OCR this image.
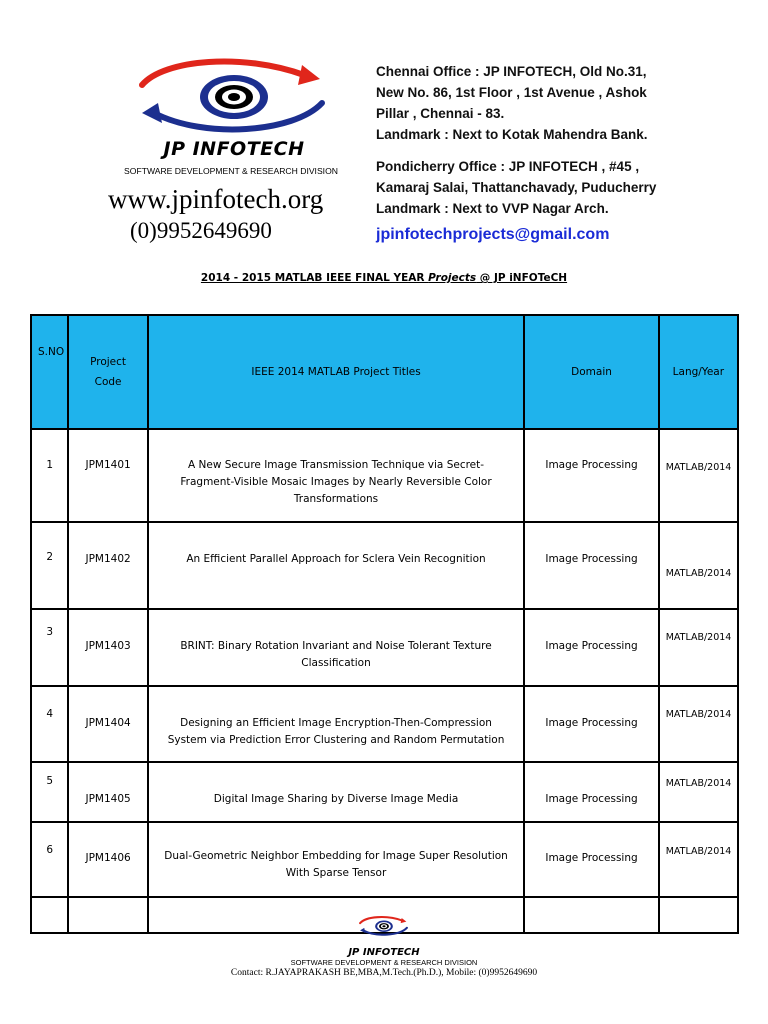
JP INFOTECH
SOFTWARE DEVELOPMENT & RESEARCH DIVISION
www.jpinfotech.org
(0)9952649690
Chennai Office : JP INFOTECH, Old No.31,
New No. 86, 1st Floor , 1st Avenue , Ashok
Pillar , Chennai - 83.
Landmark : Next to Kotak Mahendra Bank.
Pondicherry Office : JP INFOTECH , #45 ,
Kamaraj Salai, Thattanchavady, Puducherry
Landmark : Next to VVP Nagar Arch.
jpinfotechprojects@gmail.com
2014 - 2015 MATLAB IEEE FINAL YEAR Projects @ JP iNFOTeCH
S.NO	Project
Code	IEEE 2014 MATLAB Project Titles	Domain	Lang/Year
1	JPM1401	A New Secure Image Transmission Technique via Secret-
Fragment-Visible Mosaic Images by Nearly Reversible Color
Transformations	Image Processing	MATLAB/2014
2	JPM1402	An Efficient Parallel Approach for Sclera Vein Recognition	Image Processing	MATLAB/2014
3	JPM1403	BRINT: Binary Rotation Invariant and Noise Tolerant Texture
Classification	Image Processing	MATLAB/2014
4	JPM1404	Designing an Efficient Image Encryption-Then-Compression
System via Prediction Error Clustering and Random Permutation	Image Processing	MATLAB/2014
5	JPM1405	Digital Image Sharing by Diverse Image Media	Image Processing	MATLAB/2014
6	JPM1406	Dual-Geometric Neighbor Embedding for Image Super Resolution
With Sparse Tensor	Image Processing	MATLAB/2014

JP INFOTECH
SOFTWARE DEVELOPMENT & RESEARCH DIVISION
Contact: R.JAYAPRAKASH BE,MBA,M.Tech.(Ph.D.), Mobile: (0)9952649690
